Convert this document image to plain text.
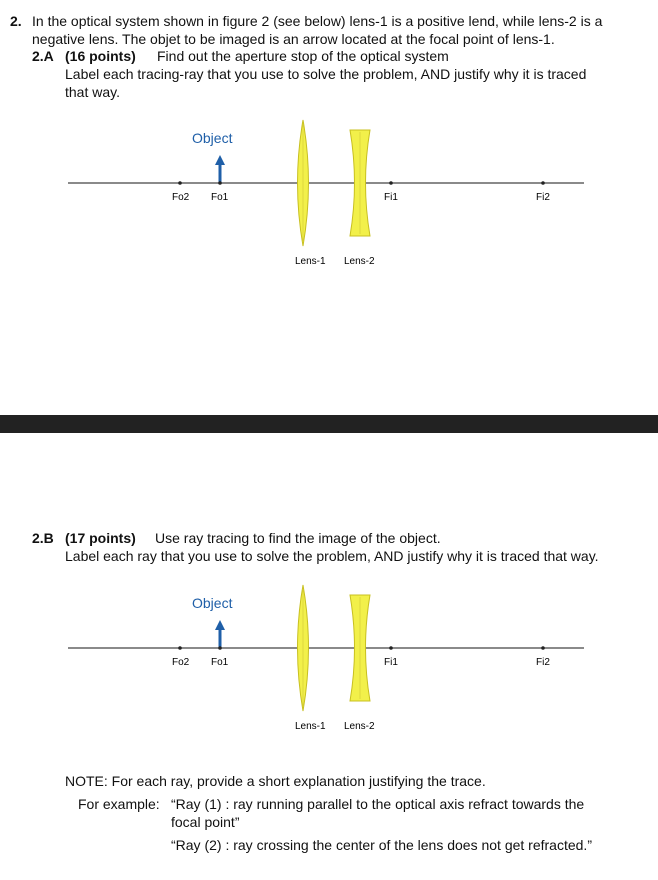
2. In the optical system shown in figure 2 (see below) lens-1 is a positive lend, while lens-2 is a
negative lens. The objet to be imaged is an arrow located at the focal point of lens-1.
2.A (16 points) Find out the aperture stop of the optical system
Label each tracing-ray that you use to solve the problem, AND justify why it is traced
that way.
Object
Fo2 Fo1	Fi1	Fi2
Lens-1 Lens-2
2.B (17 points) Use ray tracing to find the image of the object.
Label each ray that you use to solve the problem, AND justify why it is traced that way.
Object
Fo2 Fo1	Fi1	Fi2
Lens-1 Lens-2
NOTE: For each ray, provide a short explanation justifying the trace.
For example: “Ray (1) : ray running parallel to the optical axis refract towards the
focal point”
“Ray (2) : ray crossing the center of the lens does not get refracted.”
